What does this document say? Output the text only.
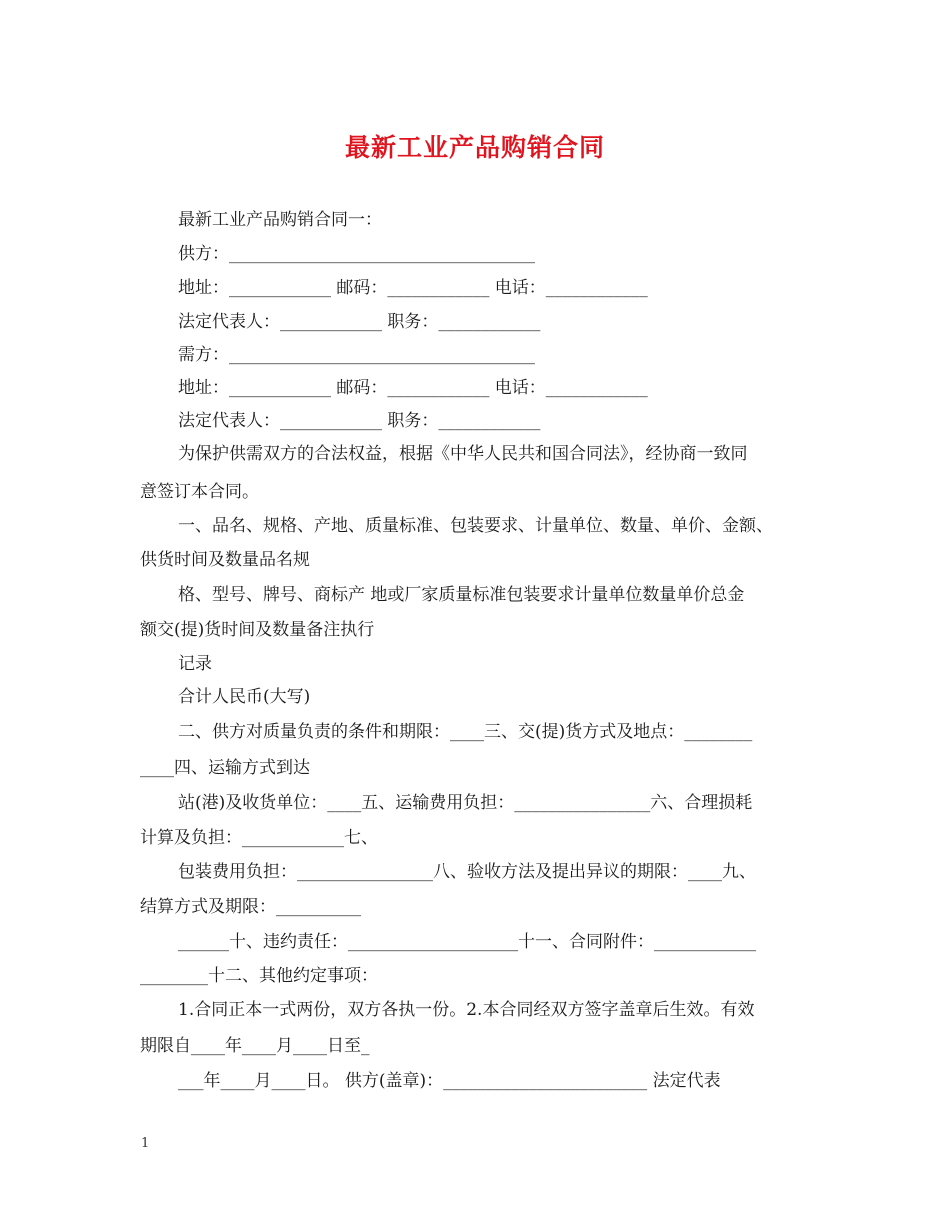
最新工业产品购销合同
最新工业产品购销合同一：
供方：____________________________________
地址：____________ 邮码：____________ 电话：____________
法定代表人：____________ 职务：____________
需方：____________________________________
地址：____________ 邮码：____________ 电话：____________
法定代表人：____________ 职务：____________
为保护供需双方的合法权益，根据《中华人民共和国合同法》，经协商一致同
意签订本合同。
一、品名、规格、产地、质量标准、包装要求、计量单位、数量、单价、金额、
供货时间及数量品名规
格、型号、牌号、商标产 地或厂家质量标准包装要求计量单位数量单价总金
额交(提)货时间及数量备注执行
记录
合计人民币(大写)
二、供方对质量负责的条件和期限：____三、交(提)货方式及地点：________
____四、运输方式到达
站(港)及收货单位：____五、运输费用负担：________________六、合理损耗
计算及负担：____________七、
包装费用负担：________________八、验收方法及提出异议的期限：____九、
结算方式及期限：__________
______十、违约责任：____________________十一、合同附件：____________
________十二、其他约定事项：
1.合同正本一式两份，双方各执一份。2.本合同经双方签字盖章后生效。有效
期限自____年____月____日至_
___年____月____日。 供方(盖章)：________________________ 法定代表
1
